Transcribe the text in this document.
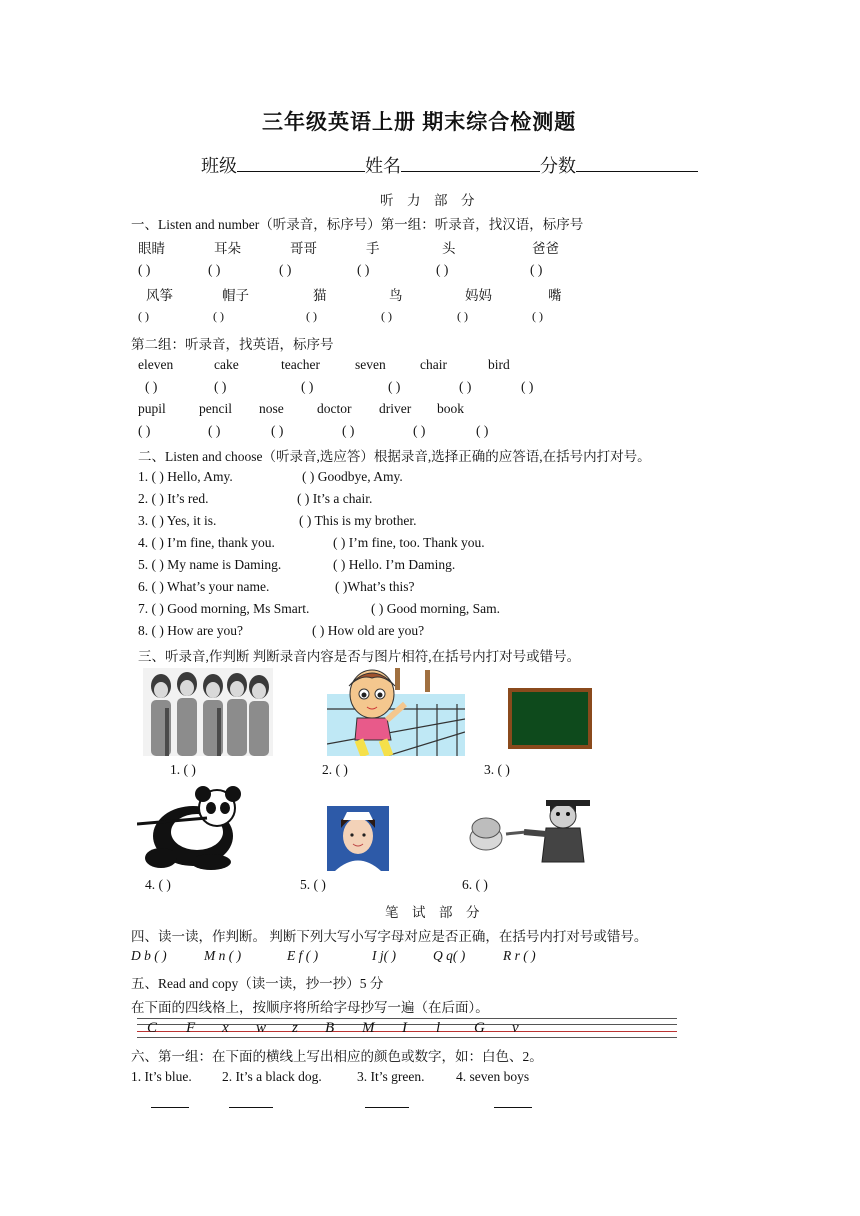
三年级英语上册 期末综合检测题
班级	姓名	分数
听　力　部　分
一、Listen and number（听录音，标序号）第一组：听录音，找汉语，标序号
眼睛	耳朵	哥哥	手	头	爸爸
( )	( )	( )	( )	( )	( )
风筝	帽子	猫	鸟	妈妈	嘴
( )	( )	( )	( )	( )	( )
第二组：听录音，找英语，标序号
eleven	cake	teacher	seven	chair	bird
( )	( )	( )	( )	( )	( )
pupil pencil nose doctor driver book
( )	( )	( )	( )	( )	( )
二、Listen and choose（听录音,选应答）根据录音,选择正确的应答语,在括号内打对号。
1. ( ) Hello, Amy.	( ) Goodbye, Amy.
2. ( ) It’s red.	( ) It’s a chair.
3. ( ) Yes, it is.	( ) This is my brother.
4. ( ) I’m fine, thank you.	( ) I’m fine, too. Thank you.
5. ( ) My name is Daming.	( ) Hello. I’m Daming.
6. ( ) What’s your name.	( )What’s this?
7. ( ) Good morning, Ms Smart.	( ) Good morning, Sam.
8. ( ) How are you?	( ) How old are you?
三、听录音,作判断 判断录音内容是否与图片相符,在括号内打对号或错号。
1. ( )	2. ( )	3. ( )
4. ( )	5. ( )	6. ( )
笔　试　部　分
四、读一读，作判断。 判断下列大写小写字母对应是否正确，在括号内打对号或错号。
D b ( )	M n ( )	E f ( )	I j( )	Q q( )	R r ( )
五、Read and copy（读一读，抄一抄）5 分
在下面的四线格上，按顺序将所给字母抄写一遍（在后面）。
C F x w z B M I l G v
六、第一组：在下面的横线上写出相应的颜色或数字，如：白色、2。
1. It’s blue. 2. It’s a black dog.	3. It’s green. 4. seven boys
